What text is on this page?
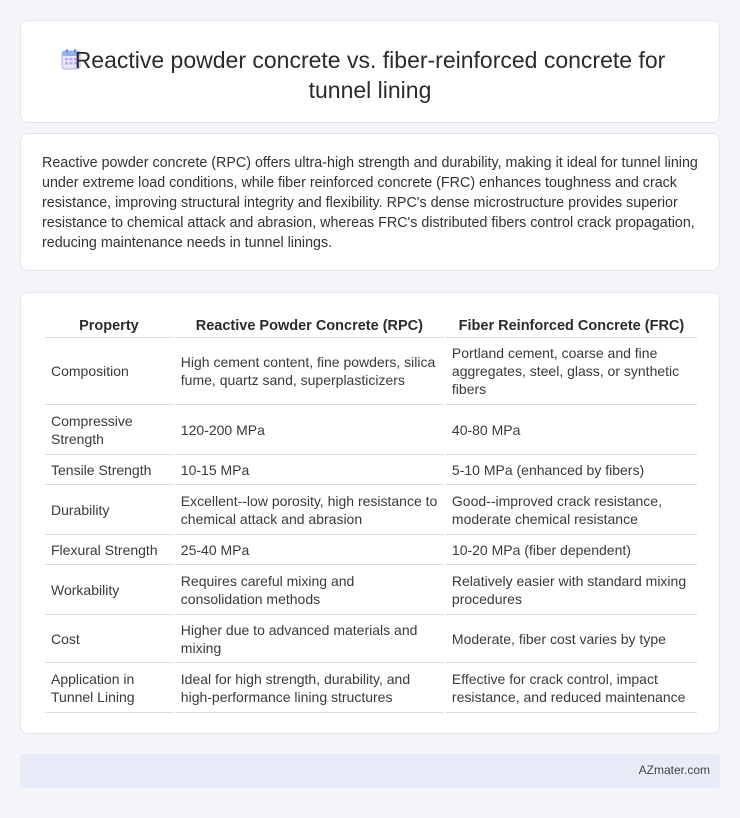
Reactive powder concrete vs. fiber-reinforced concrete for tunnel lining

Reactive powder concrete (RPC) offers ultra-high strength and durability, making it ideal for tunnel lining under extreme load conditions, while fiber reinforced concrete (FRC) enhances toughness and crack resistance, improving structural integrity and flexibility. RPC's dense microstructure provides superior resistance to chemical attack and abrasion, whereas FRC's distributed fibers control crack propagation, reducing maintenance needs in tunnel linings.

Property	Reactive Powder Concrete (RPC)	Fiber Reinforced Concrete (FRC)
Composition	High cement content, fine powders, silica fume, quartz sand, superplasticizers	Portland cement, coarse and fine aggregates, steel, glass, or synthetic fibers
Compressive Strength	120-200 MPa	40-80 MPa
Tensile Strength	10-15 MPa	5-10 MPa (enhanced by fibers)
Durability	Excellent--low porosity, high resistance to chemical attack and abrasion	Good--improved crack resistance, moderate chemical resistance
Flexural Strength	25-40 MPa	10-20 MPa (fiber dependent)
Workability	Requires careful mixing and consolidation methods	Relatively easier with standard mixing procedures
Cost	Higher due to advanced materials and mixing	Moderate, fiber cost varies by type
Application in Tunnel Lining	Ideal for high strength, durability, and high-performance lining structures	Effective for crack control, impact resistance, and reduced maintenance
AZmater.com
